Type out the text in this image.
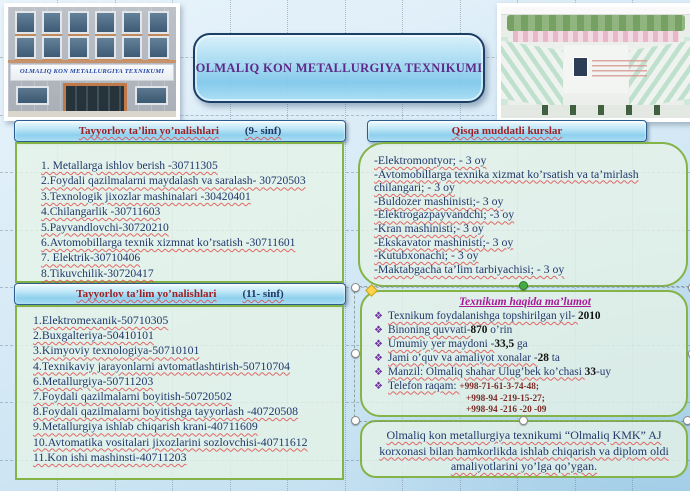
OLMALIQ KON METALLURGIYA TEXNIKUMI	OLMALIQ KON METALLURGIYA TEXNIKUMI
Tayyorlov ta’lim yo’nalishlari (9- sinf)
1. Metallarga ishlov berish -30711305
2.Foydali qazilmalarni maydalash va saralash- 30720503
3.Texnologik jixozlar mashinalari -30420401
4.Chilangarlik -30711603
5.Payvandlovchi-30720210
6.Avtomobillarga texnik xizmnat ko’rsatish -30711601
7. Elektrik-30710406
8.Tikuvchilik-30720417
Tayyorlov ta’lim yo’nalishlari (11- sinf)
1.Elektromexanik-50710305
2.Buxgalteriya-50410101
3.Kimyoviy texnologiya-50710101
4.Texnikaviy jarayonlarni avtomatlashtirish-50710704
6.Metallurgiya-50711203
7.Foydali qazilmalarni boyitish-50720502
8.Foydali qazilmalarni boyitishga tayyorlash -40720508
9.Metallurgiya ishlab chiqarish krani-40711609
10.Avtomatika vositalari jixozlarini sozlovchisi-40711612
11.Kon ishi mashinsti-40711203
Qisqa muddatli kurslar
-Elektromontyor; - 3 oy
-Avtomobillarga texnika xizmat ko’rsatish va ta’mirlash chilangari; - 3 oy
-Buldozer mashinisti;- 3 oy
-Elektrogazpayvandchi; -3 oy
-Kran mashinisti;- 3 oy
-Ekskavator mashinisti;- 3 oy
-Kutubxonachi; - 3 oy
-Maktabgacha ta’lim tarbiyachisi; - 3 oy
Texnikum haqida ma’lumot
❖ Texnikum foydalanishga topshirilgan yil- 2010
❖ Binoning quvvati-870 o’rin
❖ Umumiy yer maydoni -33,5 ga
❖ Jami o’quv va amaliyot xonalar -28 ta
❖ Manzil: Olmaliq shahar Ulug’bek ko’chasi 33-uy
❖ Telefon raqam: +998-71-61-3-74-48;
+998-94 -219-15-27;
+998-94 -216 -20 -09
Olmaliq kon metallurgiya texnikumi “Olmaliq KMK” AJ korxonasi bilan hamkorlikda ishlab chiqarish va diplom oldi amaliyotlarini yo’lga qo’ygan.
